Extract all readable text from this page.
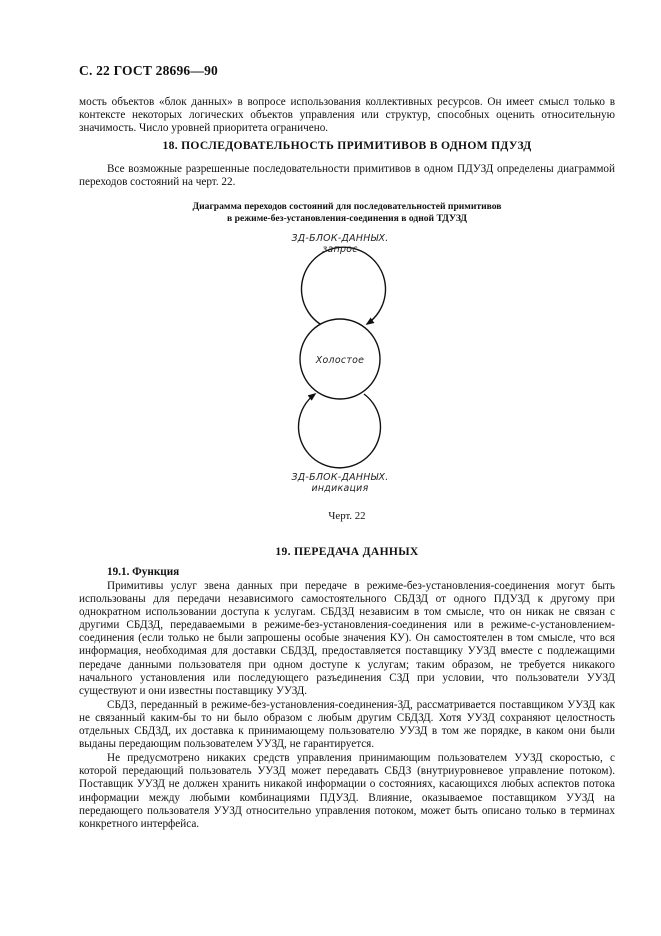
С. 22 ГОСТ 28696—90

мость объектов «блок данных» в вопросе использования коллективных ресурсов. Он имеет смысл только в контексте некоторых логических объектов управления или структур, способных оценить относительную значимость. Число уровней приоритета ограничено.

18. ПОСЛЕДОВАТЕЛЬНОСТЬ ПРИМИТИВОВ В ОДНОМ ПДУЗД

Все возможные разрешенные последовательности примитивов в одном ПДУЗД определены диаграммой переходов состояний на черт. 22.

Диаграмма переходов состояний для последовательностей примитивов
в режиме-без-установления-соединения в одной ТДУЗД
ЗД-БЛОК-ДАННЫХ.
запрос
Холостое
ЗД-БЛОК-ДАННЫХ.
индикация
Черт. 22
19. ПЕРЕДАЧА ДАННЫХ
19.1. Функция

Примитивы услуг звена данных при передаче в режиме-без-установления-соединения могут быть использованы для передачи независимого самостоятельного СБДЗД от одного ПДУЗД к другому при однократном использовании доступа к услугам. СБДЗД независим в том смысле, что он никак не связан с другими СБДЗД, передаваемыми в режиме-без-установления-соединения или в режиме-с-установлением-соединения (если только не были запрошены особые значения КУ). Он самостоятелен в том смысле, что вся информация, необходимая для доставки СБДЗД, предоставляется поставщику УУЗД вместе с подлежащими передаче данными пользователя при одном доступе к услугам; таким образом, не требуется никакого начального установления или последующего разъединения СЗД при условии, что пользователи УУЗД существуют и они известны поставщику УУЗД.

СБДЗ, переданный в режиме-без-установления-соединения-ЗД, рассматривается поставщиком УУЗД как не связанный каким-бы то ни было образом с любым другим СБДЗД. Хотя УУЗД сохраняют целостность отдельных СБДЗД, их доставка к принимающему пользователю УУЗД в том же порядке, в каком они были выданы передающим пользователем УУЗД, не гарантируется.

Не предусмотрено никаких средств управления принимающим пользователем УУЗД скоростью, с которой передающий пользователь УУЗД может передавать СБДЗ (внутриуровневое управление потоком). Поставщик УУЗД не должен хранить никакой информации о состояниях, касающихся любых аспектов потока информации между любыми комбинациями ПДУЗД. Влияние, оказываемое поставщиком УУЗД на передающего пользователя УУЗД относительно управления потоком, может быть описано только в терминах конкретного интерфейса.
